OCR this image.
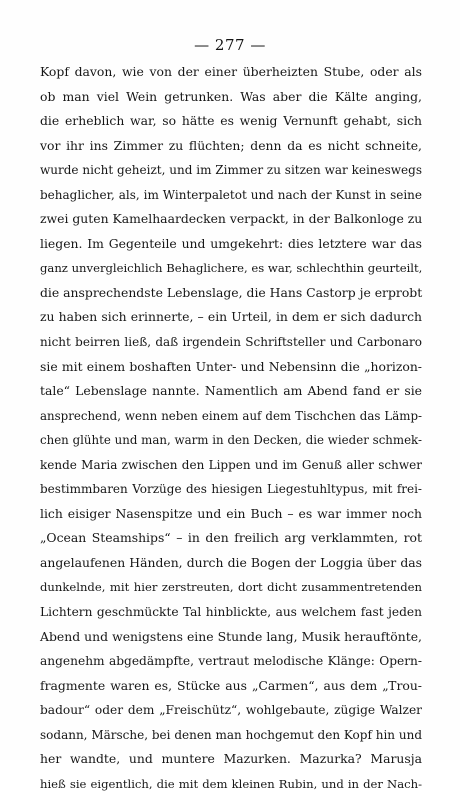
— 277 —
Kopf davon, wie von der einer überheizten Stube, oder als
ob man viel Wein getrunken. Was aber die Kälte anging,
die erheblich war, so hätte es wenig Vernunft gehabt, sich
vor ihr ins Zimmer zu flüchten; denn da es nicht schneite,
wurde nicht geheizt, und im Zimmer zu sitzen war keineswegs
behaglicher, als, im Winterpaletot und nach der Kunst in seine
zwei guten Kamelhaardecken verpackt, in der Balkonloge zu
liegen. Im Gegenteile und umgekehrt: dies letztere war das
ganz unvergleichlich Behaglichere, es war, schlechthin geurteilt,
die ansprechendste Lebenslage, die Hans Castorp je erprobt
zu haben sich erinnerte, – ein Urteil, in dem er sich dadurch
nicht beirren ließ, daß irgendein Schriftsteller und Carbonaro
sie mit einem boshaften Unter- und Nebensinn die „horizon-
tale“ Lebenslage nannte. Namentlich am Abend fand er sie
ansprechend, wenn neben einem auf dem Tischchen das Lämp-
chen glühte und man, warm in den Decken, die wieder schmek-
kende Maria zwischen den Lippen und im Genuß aller schwer
bestimmbaren Vorzüge des hiesigen Liegestuhltypus, mit frei-
lich eisiger Nasenspitze und ein Buch – es war immer noch
„Ocean Steamships“ – in den freilich arg verklammten, rot
angelaufenen Händen, durch die Bogen der Loggia über das
dunkelnde, mit hier zerstreuten, dort dicht zusammentretenden
Lichtern geschmückte Tal hinblickte, aus welchem fast jeden
Abend und wenigstens eine Stunde lang, Musik herauftönte,
angenehm abgedämpfte, vertraut melodische Klänge: Opern-
fragmente waren es, Stücke aus „Carmen“, aus dem „Trou-
badour“ oder dem „Freischütz“, wohlgebaute, zügige Walzer
sodann, Märsche, bei denen man hochgemut den Kopf hin und
her wandte, und muntere Mazurken. Mazurka? Marusja
hieß sie eigentlich, die mit dem kleinen Rubin, und in der Nach-
